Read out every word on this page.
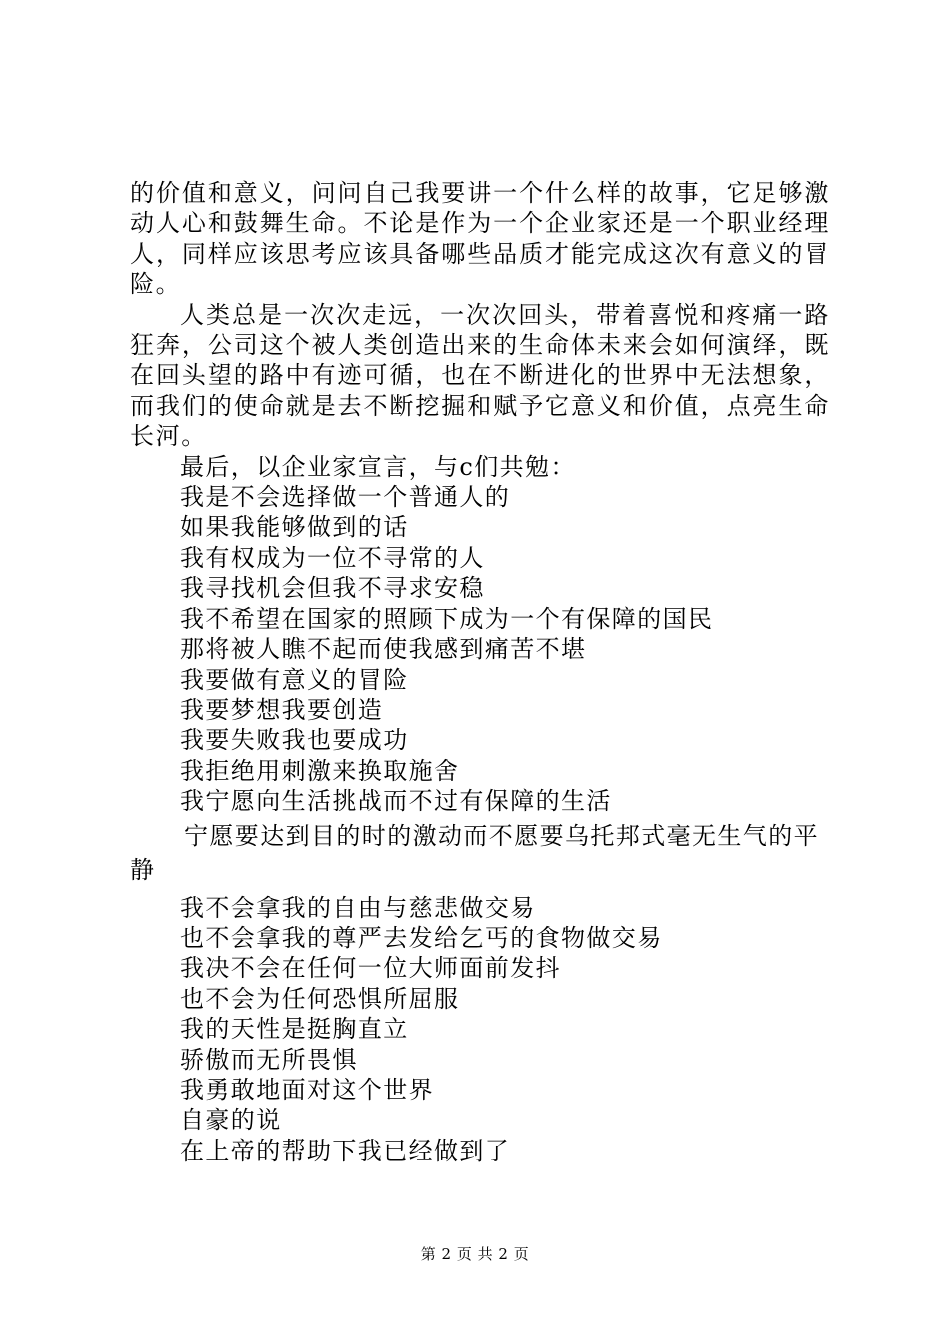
的价值和意义，问问自己我要讲一个什么样的故事，它足够激动人心和鼓舞生命。不论是作为一个企业家还是一个职业经理人，同样应该思考应该具备哪些品质才能完成这次有意义的冒险。

人类总是一次次走远，一次次回头，带着喜悦和疼痛一路狂奔，公司这个被人类创造出来的生命体未来会如何演绎，既在回头望的路中有迹可循，也在不断进化的世界中无法想象，而我们的使命就是去不断挖掘和赋予它意义和价值，点亮生命长河。

最后，以企业家宣言，与c们共勉：
我是不会选择做一个普通人的
如果我能够做到的话
我有权成为一位不寻常的人
我寻找机会但我不寻求安稳
我不希望在国家的照顾下成为一个有保障的国民
那将被人瞧不起而使我感到痛苦不堪
我要做有意义的冒险
我要梦想我要创造
我要失败我也要成功
我拒绝用刺激来换取施舍
我宁愿向生活挑战而不过有保障的生活
宁愿要达到目的时的激动而不愿要乌托邦式毫无生气的平静
我不会拿我的自由与慈悲做交易
也不会拿我的尊严去发给乞丐的食物做交易
我决不会在任何一位大师面前发抖
也不会为任何恐惧所屈服
我的天性是挺胸直立
骄傲而无所畏惧
我勇敢地面对这个世界
自豪的说
在上帝的帮助下我已经做到了
第 2 页 共 2 页
